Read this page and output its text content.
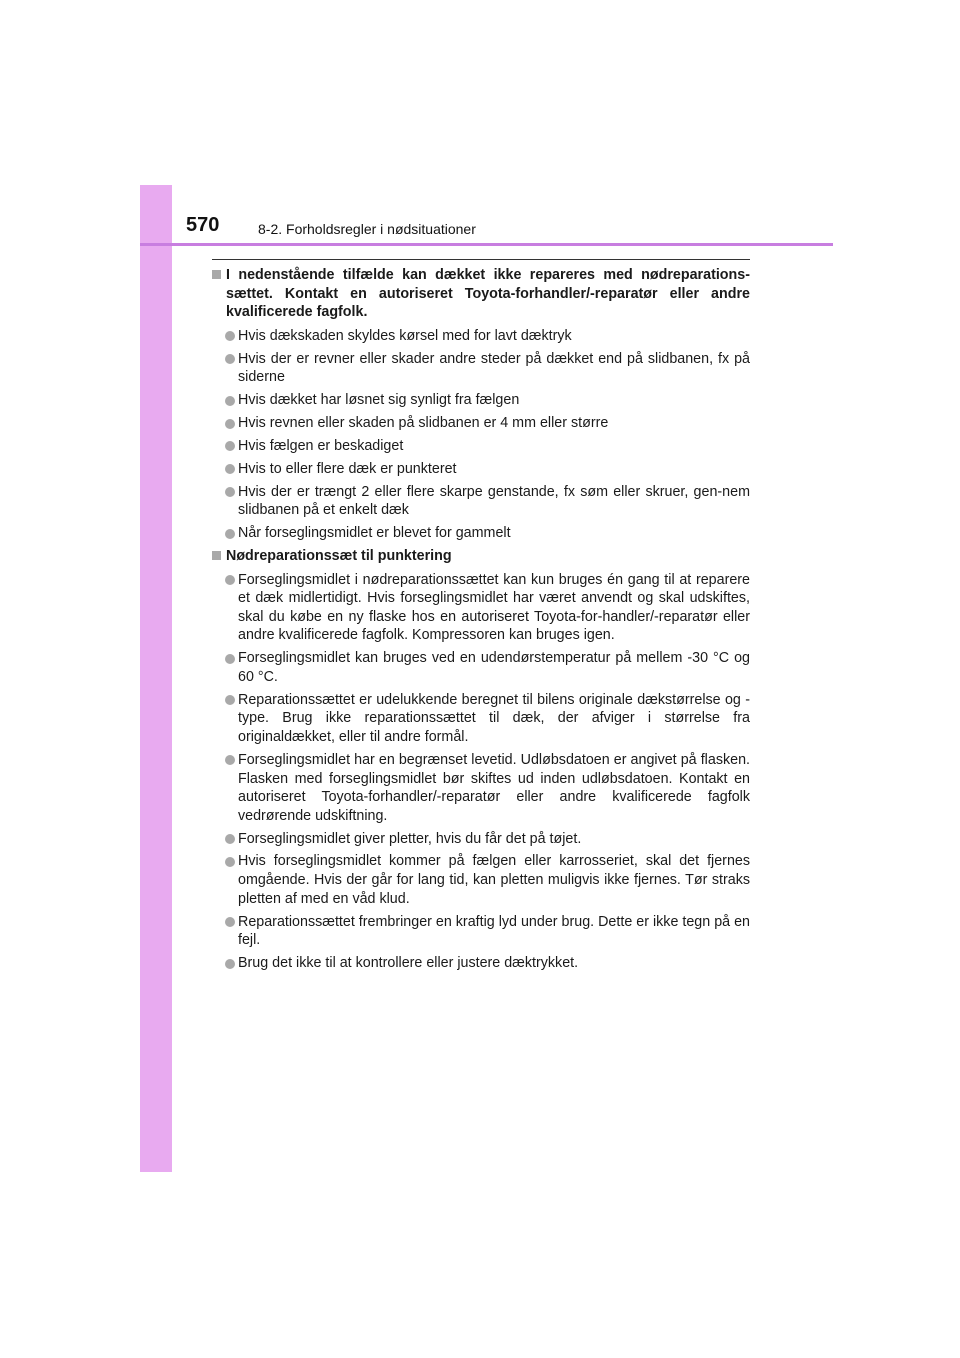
570	8-2. Forholdsregler i nødsituationer
I nedenstående tilfælde kan dækket ikke repareres med nødreparations-sættet. Kontakt en autoriseret Toyota-forhandler/-reparatør eller andre kvalificerede fagfolk.
Hvis dækskaden skyldes kørsel med for lavt dæktryk
Hvis der er revner eller skader andre steder på dækket end på slidbanen, fx på siderne
Hvis dækket har løsnet sig synligt fra fælgen
Hvis revnen eller skaden på slidbanen er 4 mm eller større
Hvis fælgen er beskadiget
Hvis to eller flere dæk er punkteret
Hvis der er trængt 2 eller flere skarpe genstande, fx søm eller skruer, gen-nem slidbanen på et enkelt dæk
Når forseglingsmidlet er blevet for gammelt
Nødreparationssæt til punktering
Forseglingsmidlet i nødreparationssættet kan kun bruges én gang til at reparere et dæk midlertidigt. Hvis forseglingsmidlet har været anvendt og skal udskiftes, skal du købe en ny flaske hos en autoriseret Toyota-for-handler/-reparatør eller andre kvalificerede fagfolk. Kompressoren kan bruges igen.
Forseglingsmidlet kan bruges ved en udendørstemperatur på mellem -30 °C og 60 °C.
Reparationssættet er udelukkende beregnet til bilens originale dækstørrelse og -type. Brug ikke reparationssættet til dæk, der afviger i størrelse fra originaldækket, eller til andre formål.
Forseglingsmidlet har en begrænset levetid. Udløbsdatoen er angivet på flasken. Flasken med forseglingsmidlet bør skiftes ud inden udløbsdatoen. Kontakt en autoriseret Toyota-forhandler/-reparatør eller andre kvalificerede fagfolk vedrørende udskiftning.
Forseglingsmidlet giver pletter, hvis du får det på tøjet.
Hvis forseglingsmidlet kommer på fælgen eller karrosseriet, skal det fjernes omgående. Hvis der går for lang tid, kan pletten muligvis ikke fjernes. Tør straks pletten af med en våd klud.
Reparationssættet frembringer en kraftig lyd under brug. Dette er ikke tegn på en fejl.
Brug det ikke til at kontrollere eller justere dæktrykket.
